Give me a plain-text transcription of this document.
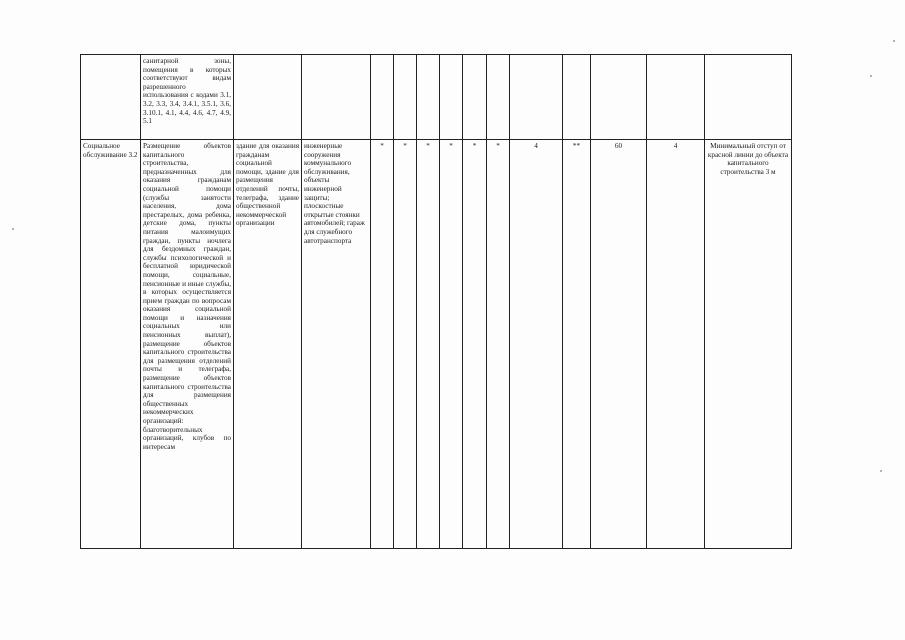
	санитарной зоны, помещения в которых соответствуют видам разрешенного использования с кодами 3.1, 3.2, 3.3, 3.4, 3.4.1, 3.5.1, 3.6, 3.10.1, 4.1, 4.4, 4.6, 4.7, 4.9, 5.1													
Социальное обслуживание 3.2	Размещение объектов капитального строительства, предназначенных для оказания гражданам социальной помощи (службы занятости населения, дома престарелых, дома ребенка, детские дома, пункты питания малоимущих граждан, пункты ночлега для бездомных граждан, службы психологической и бесплатной юридической помощи, социальные, пенсионные и иные службы, в которых осуществляется прием граждан по вопросам оказания социальной помощи и назначения социальных или пенсионных выплат), размещение объектов капитального строительства для размещения отделений почты и телеграфа, размещение объектов капитального строительства для размещения общественных некоммерческих организаций: благотворительных организаций, клубов по интересам	здание для оказания гражданам социальной помощи, здание для размещения отделений почты, телеграфа, здание общественной некоммерческой организации	инженерные сооружения коммунального обслуживания, объекты инженерной защиты; плоскостные открытые стоянки автомобилей; гараж для служебного автотранспорта	*	*	*	*	*	*	4	**	60	4	Минимальный отступ от красной линии до объекта капитального строительства 3 м
